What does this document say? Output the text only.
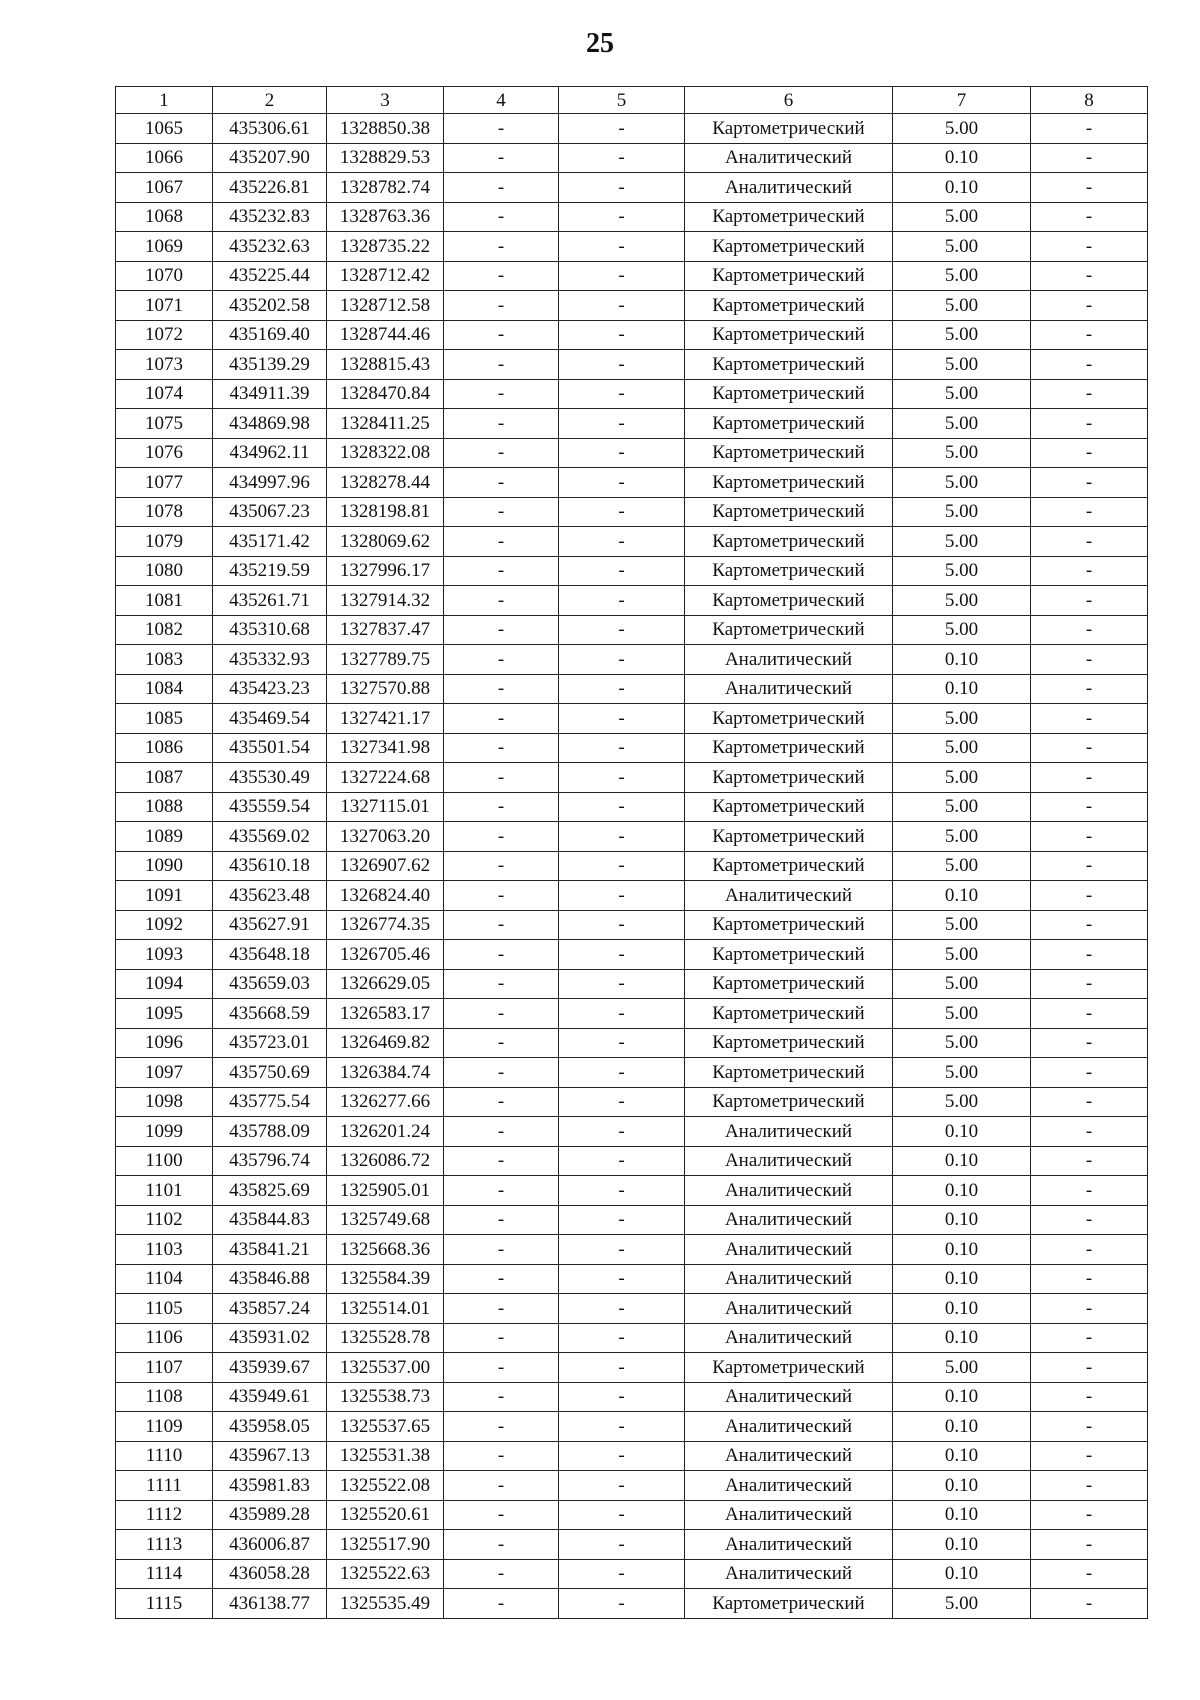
25
1	2	3	4	5	6	7	8
1065	435306.61	1328850.38	-	-	Картометрический	5.00	-
1066	435207.90	1328829.53	-	-	Аналитический	0.10	-
1067	435226.81	1328782.74	-	-	Аналитический	0.10	-
1068	435232.83	1328763.36	-	-	Картометрический	5.00	-
1069	435232.63	1328735.22	-	-	Картометрический	5.00	-
1070	435225.44	1328712.42	-	-	Картометрический	5.00	-
1071	435202.58	1328712.58	-	-	Картометрический	5.00	-
1072	435169.40	1328744.46	-	-	Картометрический	5.00	-
1073	435139.29	1328815.43	-	-	Картометрический	5.00	-
1074	434911.39	1328470.84	-	-	Картометрический	5.00	-
1075	434869.98	1328411.25	-	-	Картометрический	5.00	-
1076	434962.11	1328322.08	-	-	Картометрический	5.00	-
1077	434997.96	1328278.44	-	-	Картометрический	5.00	-
1078	435067.23	1328198.81	-	-	Картометрический	5.00	-
1079	435171.42	1328069.62	-	-	Картометрический	5.00	-
1080	435219.59	1327996.17	-	-	Картометрический	5.00	-
1081	435261.71	1327914.32	-	-	Картометрический	5.00	-
1082	435310.68	1327837.47	-	-	Картометрический	5.00	-
1083	435332.93	1327789.75	-	-	Аналитический	0.10	-
1084	435423.23	1327570.88	-	-	Аналитический	0.10	-
1085	435469.54	1327421.17	-	-	Картометрический	5.00	-
1086	435501.54	1327341.98	-	-	Картометрический	5.00	-
1087	435530.49	1327224.68	-	-	Картометрический	5.00	-
1088	435559.54	1327115.01	-	-	Картометрический	5.00	-
1089	435569.02	1327063.20	-	-	Картометрический	5.00	-
1090	435610.18	1326907.62	-	-	Картометрический	5.00	-
1091	435623.48	1326824.40	-	-	Аналитический	0.10	-
1092	435627.91	1326774.35	-	-	Картометрический	5.00	-
1093	435648.18	1326705.46	-	-	Картометрический	5.00	-
1094	435659.03	1326629.05	-	-	Картометрический	5.00	-
1095	435668.59	1326583.17	-	-	Картометрический	5.00	-
1096	435723.01	1326469.82	-	-	Картометрический	5.00	-
1097	435750.69	1326384.74	-	-	Картометрический	5.00	-
1098	435775.54	1326277.66	-	-	Картометрический	5.00	-
1099	435788.09	1326201.24	-	-	Аналитический	0.10	-
1100	435796.74	1326086.72	-	-	Аналитический	0.10	-
1101	435825.69	1325905.01	-	-	Аналитический	0.10	-
1102	435844.83	1325749.68	-	-	Аналитический	0.10	-
1103	435841.21	1325668.36	-	-	Аналитический	0.10	-
1104	435846.88	1325584.39	-	-	Аналитический	0.10	-
1105	435857.24	1325514.01	-	-	Аналитический	0.10	-
1106	435931.02	1325528.78	-	-	Аналитический	0.10	-
1107	435939.67	1325537.00	-	-	Картометрический	5.00	-
1108	435949.61	1325538.73	-	-	Аналитический	0.10	-
1109	435958.05	1325537.65	-	-	Аналитический	0.10	-
1110	435967.13	1325531.38	-	-	Аналитический	0.10	-
1111	435981.83	1325522.08	-	-	Аналитический	0.10	-
1112	435989.28	1325520.61	-	-	Аналитический	0.10	-
1113	436006.87	1325517.90	-	-	Аналитический	0.10	-
1114	436058.28	1325522.63	-	-	Аналитический	0.10	-
1115	436138.77	1325535.49	-	-	Картометрический	5.00	-
